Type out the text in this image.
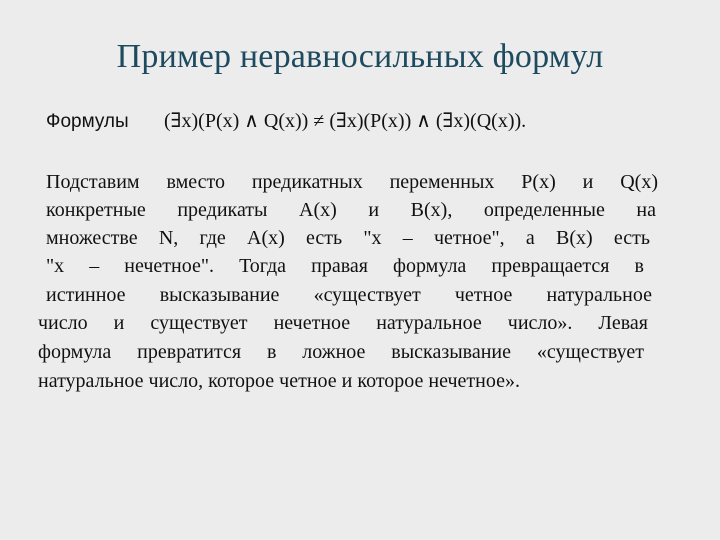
Пример неравносильных формул
Формулы (∃x)(P(x) ∧ Q(x)) ≠ (∃x)(P(x)) ∧ (∃x)(Q(x)).
Подставим вместо предикатных переменных P(x) и Q(x)
конкретные предикаты A(x) и B(x), определенные на
множестве N, где A(x) есть "x – четное", а B(x) есть
"x – нечетное". Тогда правая формула превращается в
истинное высказывание «существует четное натуральное
число и существует нечетное натуральное число». Левая
формула превратится в ложное высказывание «существует
натуральное число, которое четное и которое нечетное».
